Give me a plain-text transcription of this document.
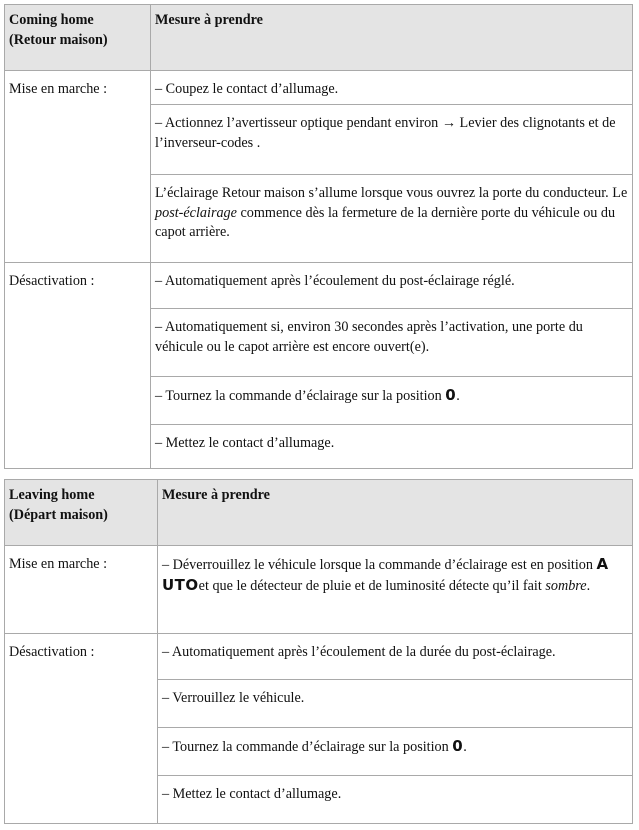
Coming home
(Retour maison)	Mesure à prendre
Mise en marche :	– Coupez le contact d’allumage.
	– Actionnez l’avertisseur optique pendant environ → Levier des clignotants et de l’inverseur-codes .
	L’éclairage Retour maison s’allume lorsque vous ouvrez la porte du conducteur. Le post-éclairage commence dès la fermeture de la dernière porte du véhicule ou du capot arrière.
Désactivation :	– Automatiquement après l’écoulement du post-éclairage réglé.
	– Automatiquement si, environ 30 secondes après l’activation, une porte du véhicule ou le capot arrière est encore ouvert(e).
	– Tournez la commande d’éclairage sur la position 0.
	– Mettez le contact d’allumage.
Leaving home
(Départ maison)	Mesure à prendre
Mise en marche :	– Déverrouillez le véhicule lorsque la commande d’éclairage est en position A UTOet que le détecteur de pluie et de luminosité détecte qu’il fait sombre.
Désactivation :	– Automatiquement après l’écoulement de la durée du post-éclairage.
	– Verrouillez le véhicule.
	– Tournez la commande d’éclairage sur la position 0.
	– Mettez le contact d’allumage.
